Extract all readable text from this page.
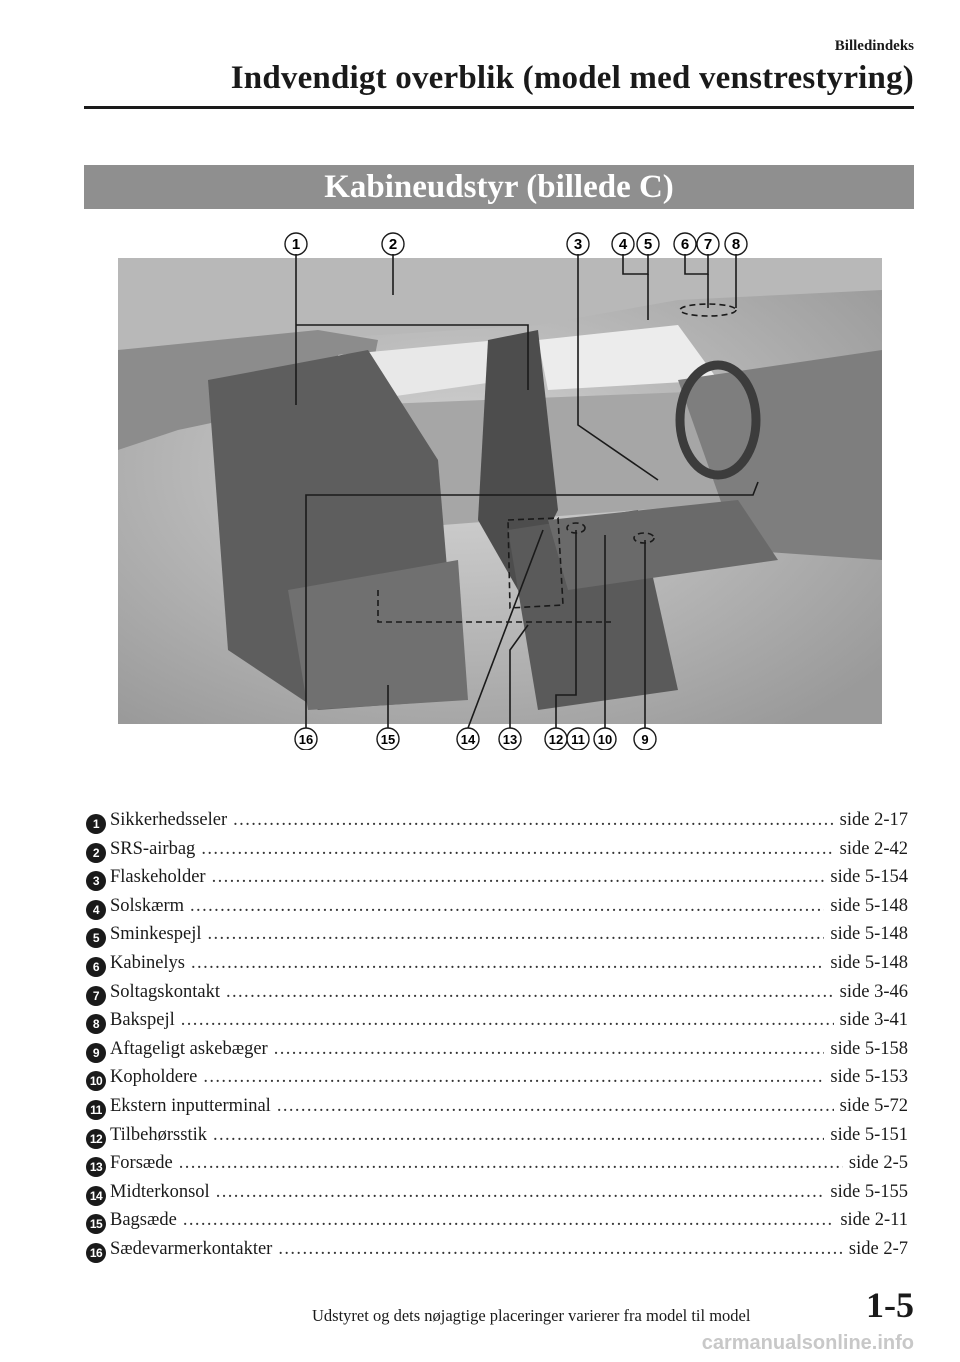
Billedindeks
Indvendigt overblik (model med venstrestyring)
Kabineudstyr (billede C)
1	2	3 4 5 6 7 8
16	15	14 13 12 11 10 9
1 Sikkerhedsseler .....	side 2-17
2 SRS-airbag .....	side 2-42
3 Flaskeholder .....	side 5-154
4 Solskærm .....	side 5-148
5 Sminkespejl .....	side 5-148
6 Kabinelys .....	side 5-148
7 Soltagskontakt .....	side 3-46
8 Bakspejl .....	side 3-41
9 Aftageligt askebæger .....	side 5-158
10 Kopholdere .....	side 5-153
11 Ekstern inputterminal .....	side 5-72
12 Tilbehørsstik .....	side 5-151
13 Forsæde .....	side 2-5
14 Midterkonsol .....	side 5-155
15 Bagsæde .....	side 2-11
16 Sædevarmerkontakter .....	side 2-7
Udstyret og dets nøjagtige placeringer varierer fra model til model	1-5
carmanualsonline.info
